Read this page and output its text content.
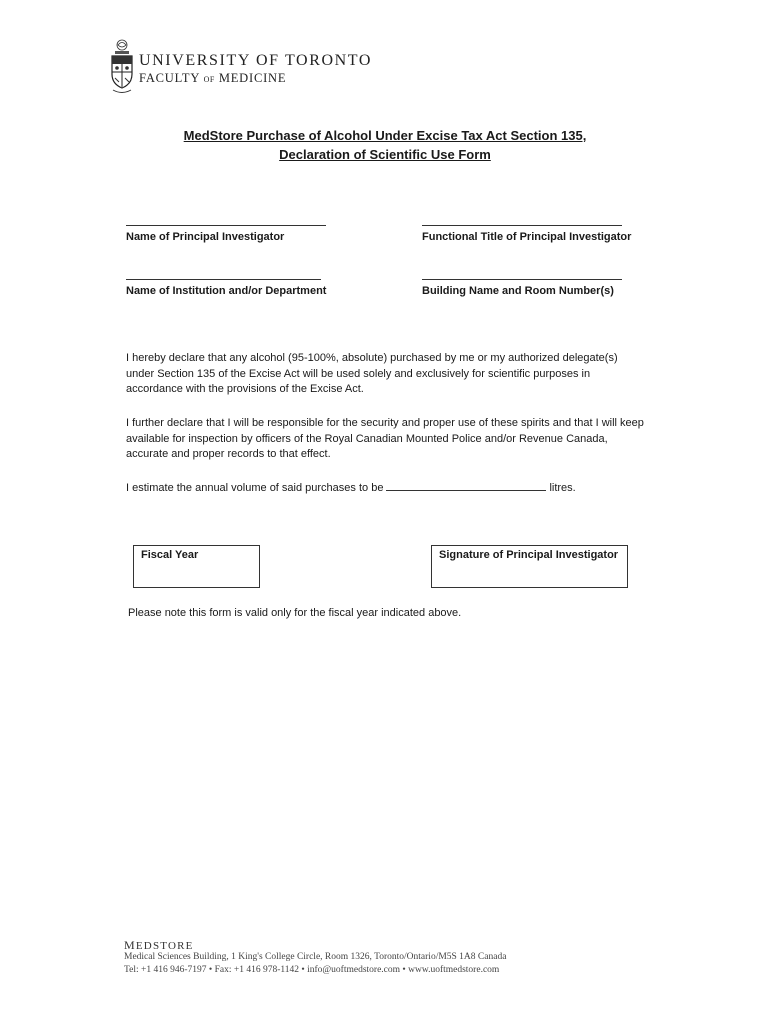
UNIVERSITY OF TORONTO
FACULTY OF MEDICINE
MedStore Purchase of Alcohol Under Excise Tax Act Section 135,
Declaration of Scientific Use Form
Name of Principal Investigator	Functional Title of Principal Investigator
Name of Institution and/or Department	Building Name and Room Number(s)
I hereby declare that any alcohol (95-100%, absolute) purchased by me or my authorized delegate(s) under Section 135 of the Excise Act will be used solely and exclusively for scientific purposes in accordance with the provisions of the Excise Act.
I further declare that I will be responsible for the security and proper use of these spirits and that I will keep available for inspection by officers of the Royal Canadian Mounted Police and/or Revenue Canada, accurate and proper records to that effect.
I estimate the annual volume of said purchases to be	litres.
Fiscal Year	Signature of Principal Investigator
Please note this form is valid only for the fiscal year indicated above.
MEDSTORE
Medical Sciences Building, 1 King's College Circle, Room 1326, Toronto/Ontario/M5S 1A8 Canada
Tel: +1 416 946-7197 • Fax: +1 416 978-1142 • info@uoftmedstore.com • www.uoftmedstore.com
